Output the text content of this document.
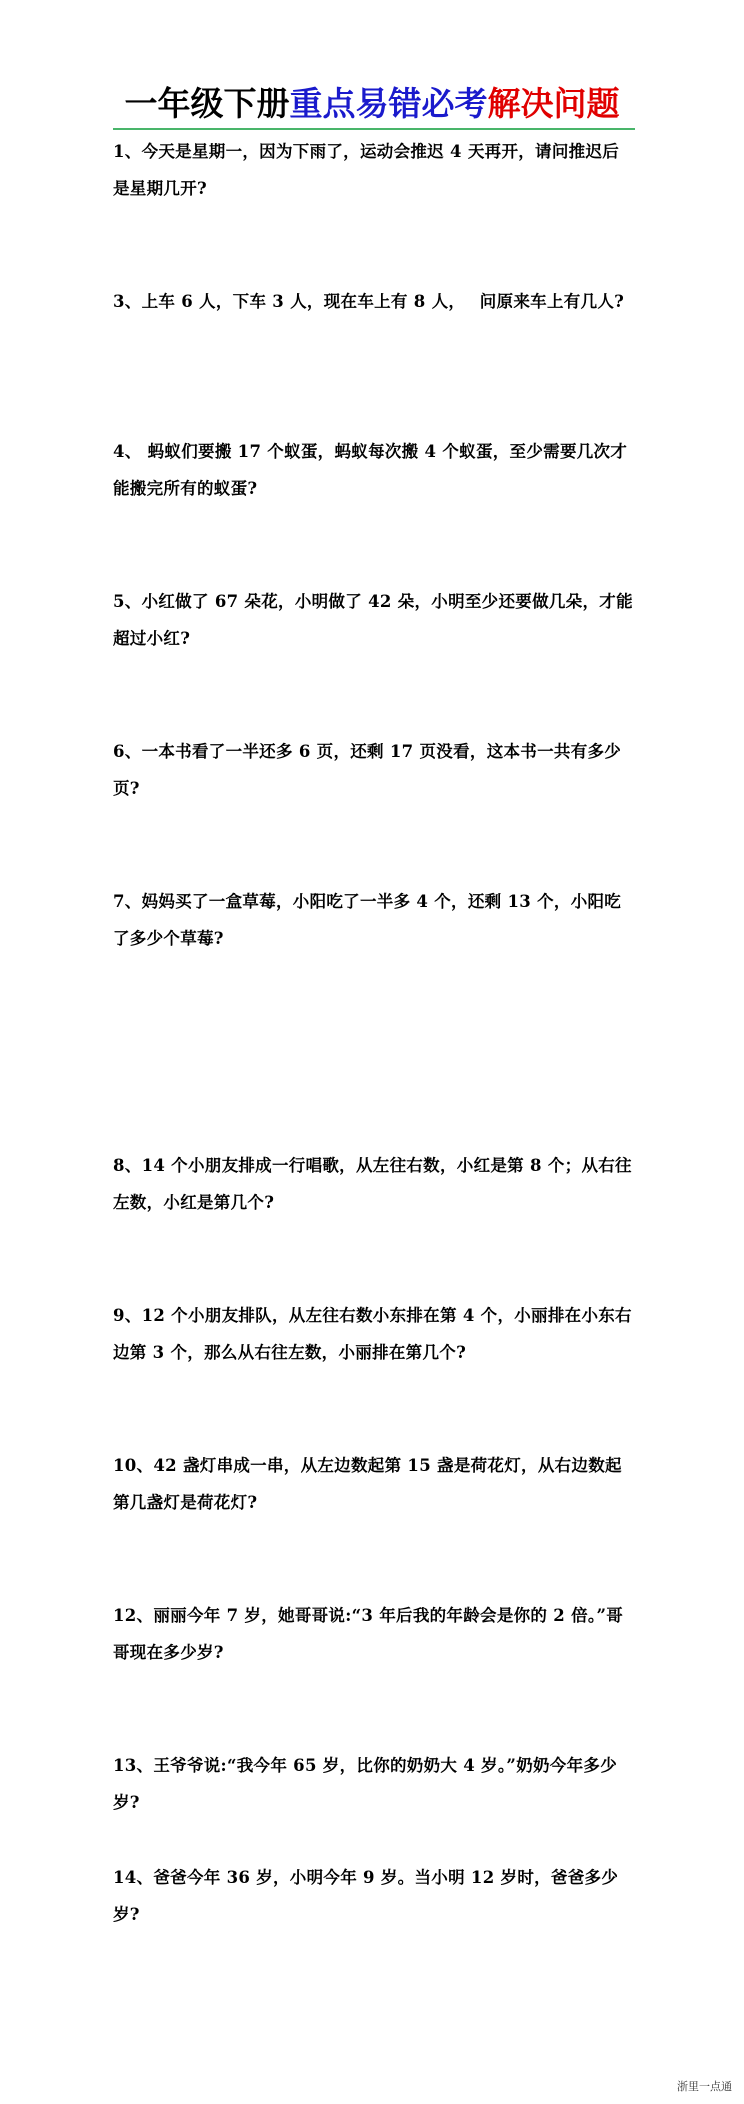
一年级下册重点易错必考解决问题
1、今天是星期一，因为下雨了，运动会推迟 4 天再开，请问推迟后是星期几开?
3、上车 6 人，下车 3 人，现在车上有 8 人，　 问原来车上有几人?
4、 蚂蚁们要搬 17 个蚁蛋，蚂蚁每次搬 4 个蚁蛋，至少需要几次才能搬完所有的蚁蛋?
5、小红做了 67 朵花，小明做了 42 朵，小明至少还要做几朵，才能超过小红?
6、一本书看了一半还多 6 页，还剩 17 页没看，这本书一共有多少页?
7、妈妈买了一盒草莓，小阳吃了一半多 4 个，还剩 13 个，小阳吃了多少个草莓?
8、14 个小朋友排成一行唱歌，从左往右数，小红是第 8 个；从右往左数，小红是第几个?
9、12 个小朋友排队，从左往右数小东排在第 4 个，小丽排在小东右边第 3 个，那么从右往左数，小丽排在第几个?
10、42 盏灯串成一串，从左边数起第 15 盏是荷花灯，从右边数起第几盏灯是荷花灯?
12、丽丽今年 7 岁，她哥哥说:“3 年后我的年龄会是你的 2 倍。”哥哥现在多少岁?
13、王爷爷说:“我今年 65 岁，比你的奶奶大 4 岁。”奶奶今年多少岁?
14、爸爸今年 36 岁，小明今年 9 岁。当小明 12 岁时，爸爸多少岁?
浙里一点通
